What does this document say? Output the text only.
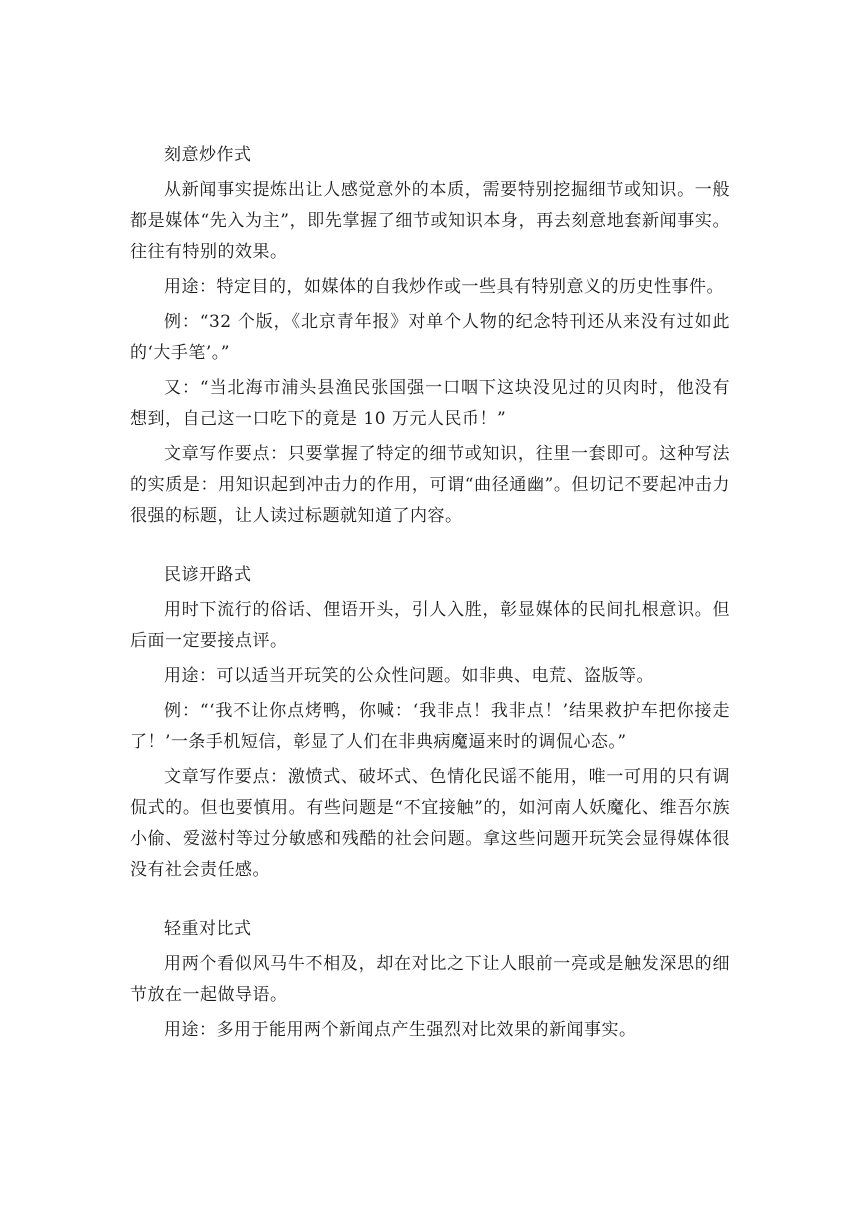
刻意炒作式

从新闻事实提炼出让人感觉意外的本质，需要特别挖掘细节或知识。一般都是媒体“先入为主”，即先掌握了细节或知识本身，再去刻意地套新闻事实。往往有特别的效果。

用途：特定目的，如媒体的自我炒作或一些具有特别意义的历史性事件。

例：“32 个版，《北京青年报》对单个人物的纪念特刊还从来没有过如此的‘大手笔’。”

又：“当北海市浦头县渔民张国强一口咽下这块没见过的贝肉时，他没有想到，自己这一口吃下的竟是 10 万元人民币！”

文章写作要点：只要掌握了特定的细节或知识，往里一套即可。这种写法的实质是：用知识起到冲击力的作用，可谓“曲径通幽”。但切记不要起冲击力很强的标题，让人读过标题就知道了内容。

民谚开路式

用时下流行的俗话、俚语开头，引人入胜，彰显媒体的民间扎根意识。但后面一定要接点评。

用途：可以适当开玩笑的公众性问题。如非典、电荒、盗版等。

例：“‘我不让你点烤鸭，你喊：‘我非点！我非点！’结果救护车把你接走了！’一条手机短信，彰显了人们在非典病魔逼来时的调侃心态。”

文章写作要点：激愤式、破坏式、色情化民谣不能用，唯一可用的只有调侃式的。但也要慎用。有些问题是“不宜接触”的，如河南人妖魔化、维吾尔族小偷、爱滋村等过分敏感和残酷的社会问题。拿这些问题开玩笑会显得媒体很没有社会责任感。

轻重对比式

用两个看似风马牛不相及，却在对比之下让人眼前一亮或是触发深思的细节放在一起做导语。

用途：多用于能用两个新闻点产生强烈对比效果的新闻事实。
